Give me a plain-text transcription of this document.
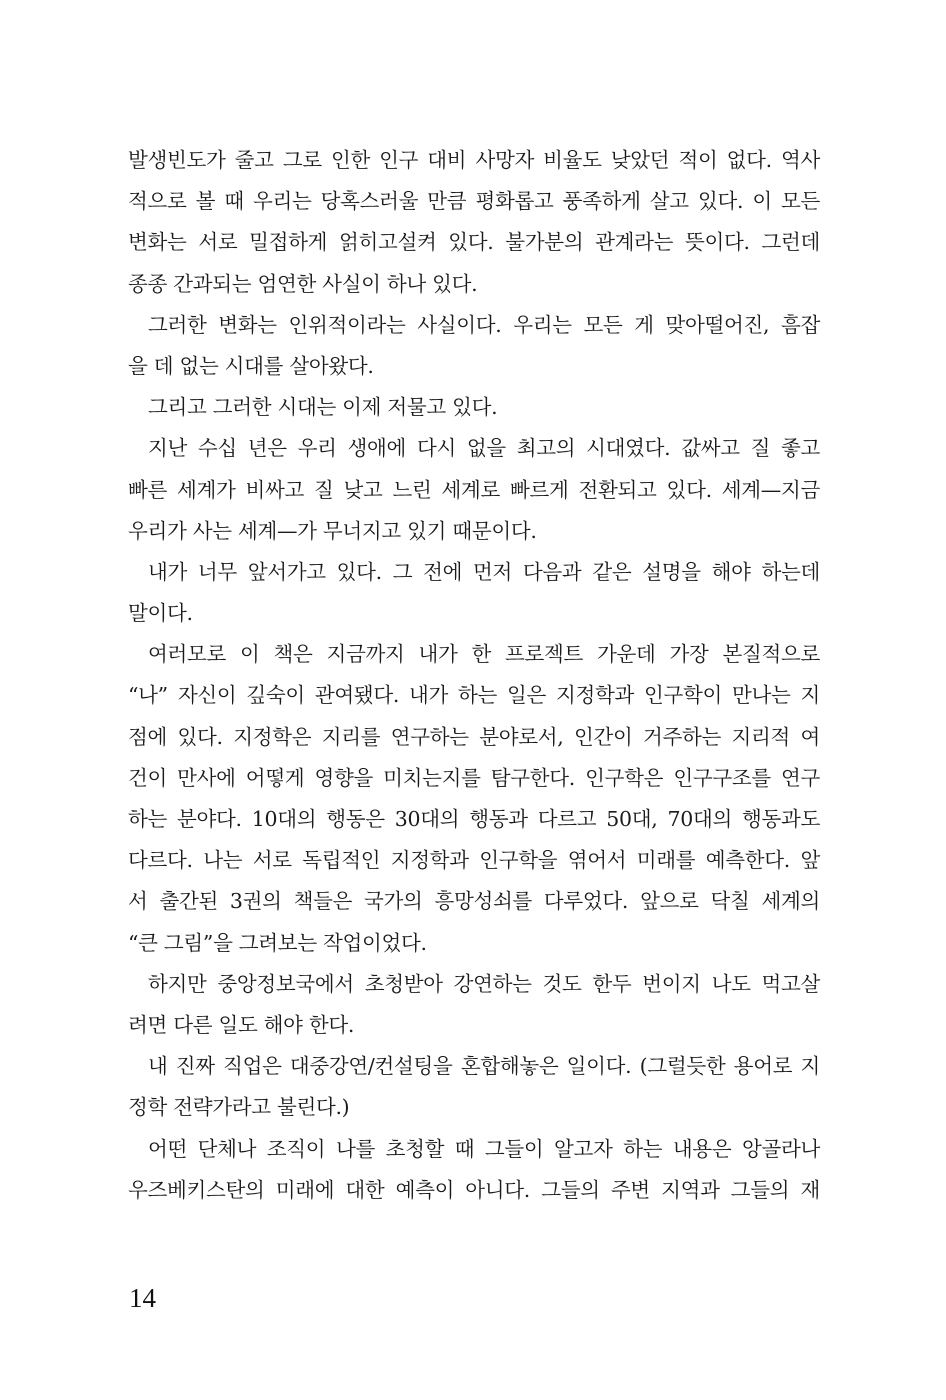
발생빈도가 줄고 그로 인한 인구 대비 사망자 비율도 낮았던 적이 없다. 역사
적으로 볼 때 우리는 당혹스러울 만큼 평화롭고 풍족하게 살고 있다. 이 모든
변화는 서로 밀접하게 얽히고설켜 있다. 불가분의 관계라는 뜻이다. 그런데
종종 간과되는 엄연한 사실이 하나 있다.
그러한 변화는 인위적이라는 사실이다. 우리는 모든 게 맞아떨어진, 흠잡
을 데 없는 시대를 살아왔다.
그리고 그러한 시대는 이제 저물고 있다.
지난 수십 년은 우리 생애에 다시 없을 최고의 시대였다. 값싸고 질 좋고
빠른 세계가 비싸고 질 낮고 느린 세계로 빠르게 전환되고 있다. 세계—지금
우리가 사는 세계—가 무너지고 있기 때문이다.
내가 너무 앞서가고 있다. 그 전에 먼저 다음과 같은 설명을 해야 하는데
말이다.
여러모로 이 책은 지금까지 내가 한 프로젝트 가운데 가장 본질적으로
“나” 자신이 깊숙이 관여됐다. 내가 하는 일은 지정학과 인구학이 만나는 지
점에 있다. 지정학은 지리를 연구하는 분야로서, 인간이 거주하는 지리적 여
건이 만사에 어떻게 영향을 미치는지를 탐구한다. 인구학은 인구구조를 연구
하는 분야다. 10대의 행동은 30대의 행동과 다르고 50대, 70대의 행동과도
다르다. 나는 서로 독립적인 지정학과 인구학을 엮어서 미래를 예측한다. 앞
서 출간된 3권의 책들은 국가의 흥망성쇠를 다루었다. 앞으로 닥칠 세계의
“큰 그림”을 그려보는 작업이었다.
하지만 중앙정보국에서 초청받아 강연하는 것도 한두 번이지 나도 먹고살
려면 다른 일도 해야 한다.
내 진짜 직업은 대중강연/컨설팅을 혼합해놓은 일이다. (그럴듯한 용어로 지
정학 전략가라고 불린다.)
어떤 단체나 조직이 나를 초청할 때 그들이 알고자 하는 내용은 앙골라나
우즈베키스탄의 미래에 대한 예측이 아니다. 그들의 주변 지역과 그들의 재
14
